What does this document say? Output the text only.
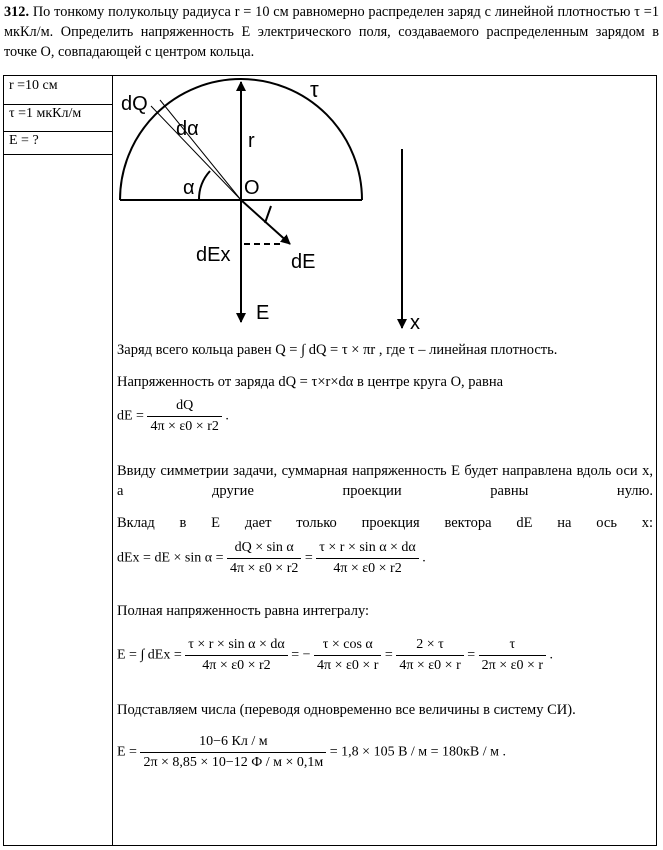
312. По тонкому полукольцу радиуса r = 10 см равномерно распределен заряд с линейной плотностью τ =1 мкКл/м. Определить напряженность Е электрического поля, создаваемого распределенным зарядом в точке О, совпадающей с центром кольца.
r =10 см
τ =1 мкКл/м
E = ?
dQ
dα
r
τ
α O
dEx	dE
E	x
Заряд всего кольца равен Q = ∫ dQ = τ × πr , где τ – линейная плотность.
Напряженность от заряда dQ = τ×r×dα в центре круга О, равна
dE = $\frac{dQ}{4\pi \times \varepsilon 0 \times r2}$ .
Ввиду симметрии задачи, суммарная напряженность Е будет направлена вдоль оси х, а другие проекции равны нулю.
Вклад в Е дает только проекция вектора dE на ось x:
dEx = dE × $\sin \alpha = \frac{\text{dQ × sin α}}{4\pi \times \varepsilon 0 \times r2} = \frac{\text{τ × r × sin α × dα}}{4\pi \times \varepsilon 0 \times r2}$ .
Полная напряженность равна интегралу:
E = ∫ dEx = $\frac{\text{τ × r × sin α × dα}}{4\pi \times \varepsilon 0 \times r2}$ = − $\frac{\text{τ × cos α}}{4\pi \times \varepsilon 0 \times r} = \frac{2 \times \tau}{4\pi \times \varepsilon 0 \times r} = \frac{\tau}{2\pi \times \varepsilon 0 \times r}$ .
Подставляем числа (переводя одновременно все величины в систему СИ).
E =
10−6 Кл / м
2π × 8,85 × 10−12 Ф / м × 0,1м
= 1,8 × 105 В / м = 180кВ / м .
